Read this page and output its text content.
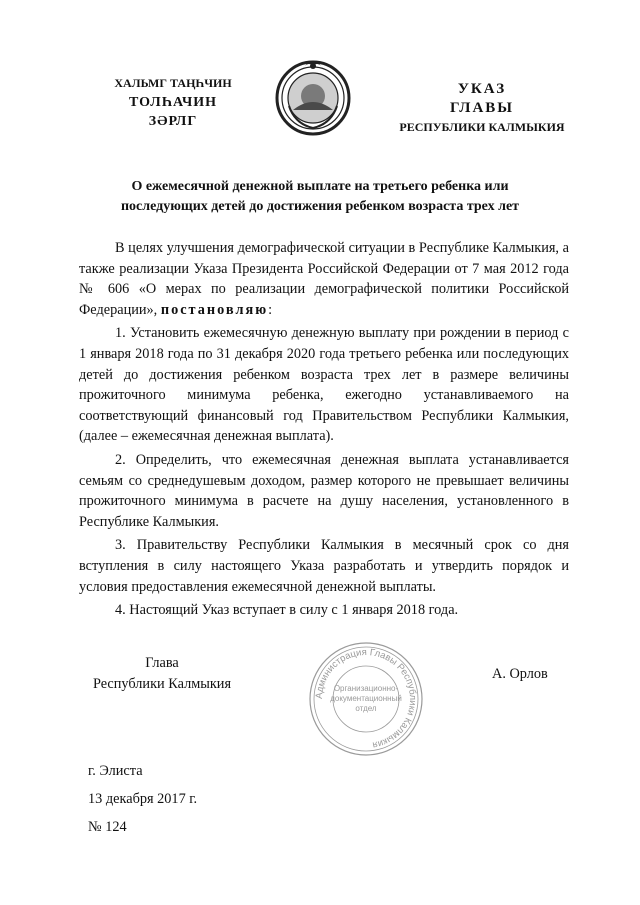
ХАЛЬМГ ТАҢҺЧИН
ТОЛҺАЧИН
ЗӘРЛГ
УКАЗ
ГЛАВЫ
РЕСПУБЛИКИ КАЛМЫКИЯ
О ежемесячной денежной выплате на третьего ребенка или
последующих детей до достижения ребенком возраста трех лет

В целях улучшения демографической ситуации в Республике Калмыкия, а также реализации Указа Президента Российской Федерации от 7 мая 2012 года № 606 «О мерах по реализации демографической политики Российской Федерации», постановляю:

1. Установить ежемесячную денежную выплату при рождении в период с 1 января 2018 года по 31 декабря 2020 года третьего ребенка или последующих детей до достижения ребенком возраста трех лет в размере величины прожиточного минимума ребенка, ежегодно устанавливаемого на соответствующий финансовый год Правительством Республики Калмыкия, (далее – ежемесячная денежная выплата).

2. Определить, что ежемесячная денежная выплата устанавливается семьям со среднедушевым доходом, размер которого не превышает величины прожиточного минимума в расчете на душу населения, установленного в Республике Калмыкия.

3. Правительству Республики Калмыкия в месячный срок со дня вступления в силу настоящего Указа разработать и утвердить порядок и условия предоставления ежемесячной денежной выплаты.

4. Настоящий Указ вступает в силу с 1 января 2018 года.

Глава
Республики Калмыкия
Администрация Главы Республики Калмыкия
Организационно-
документационный
отдел
А. Орлов
г. Элиста
13 декабря 2017 г.
№ 124
